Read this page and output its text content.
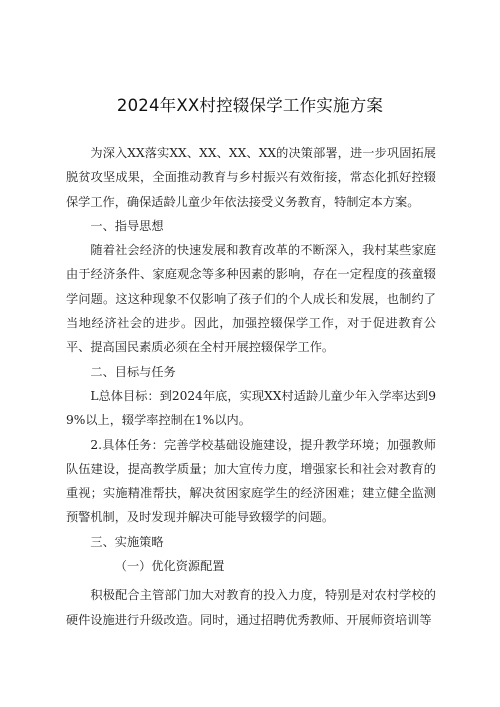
2024年XX村控辍保学工作实施方案

为深入XX落实XX、XX、XX、XX的决策部署，进一步巩固拓展脱贫攻坚成果，全面推动教育与乡村振兴有效衔接，常态化抓好控辍保学工作，确保适龄儿童少年依法接受义务教育，特制定本方案。

一、指导思想

随着社会经济的快速发展和教育改革的不断深入，我村某些家庭由于经济条件、家庭观念等多种因素的影响，存在一定程度的孩童辍学问题。这这种现象不仅影响了孩子们的个人成长和发展，也制约了当地经济社会的进步。因此，加强控辍保学工作，对于促进教育公平、提高国民素质必须在全村开展控辍保学工作。

二、目标与任务

L总体目标：到2024年底，实现XX村适龄儿童少年入学率达到99%以上，辍学率控制在1%以内。

2.具体任务：完善学校基础设施建设，提升教学环境；加强教师队伍建设，提高教学质量；加大宣传力度，增强家长和社会对教育的重视；实施精准帮扶，解决贫困家庭学生的经济困难；建立健全监测预警机制，及时发现并解决可能导致辍学的问题。

三、实施策略

（一）优化资源配置

积极配合主管部门加大对教育的投入力度，特别是对农村学校的硬件设施进行升级改造。同时，通过招聘优秀教师、开展师资培训等
